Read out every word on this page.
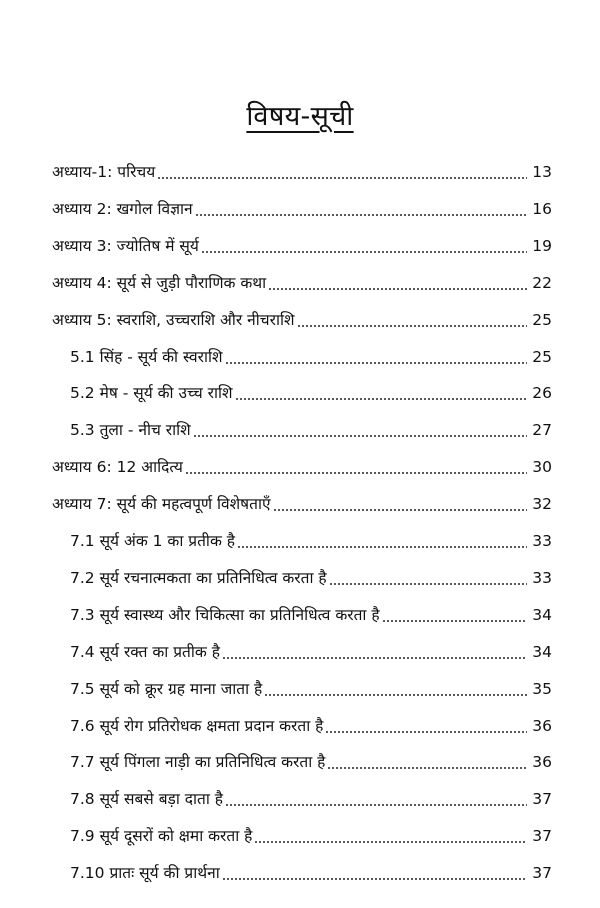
विषय-सूची
अध्याय-1: परिचय	13
अध्याय 2: खगोल विज्ञान	16
अध्याय 3: ज्योतिष में सूर्य	19
अध्याय 4: सूर्य से जुड़ी पौराणिक कथा	22
अध्याय 5: स्वराशि, उच्चराशि और नीचराशि	25
5.1 सिंह - सूर्य की स्वराशि	25
5.2 मेष - सूर्य की उच्च राशि	26
5.3 तुला - नीच राशि	27
अध्याय 6: 12 आदित्य	30
अध्याय 7: सूर्य की महत्वपूर्ण विशेषताएँ	32
7.1 सूर्य अंक 1 का प्रतीक है	33
7.2 सूर्य रचनात्मकता का प्रतिनिधित्व करता है	33
7.3 सूर्य स्वास्थ्य और चिकित्सा का प्रतिनिधित्व करता है	34
7.4 सूर्य रक्त का प्रतीक है	34
7.5 सूर्य को क्रूर ग्रह माना जाता है	35
7.6 सूर्य रोग प्रतिरोधक क्षमता प्रदान करता है	36
7.7 सूर्य पिंगला नाड़ी का प्रतिनिधित्व करता है	36
7.8 सूर्य सबसे बड़ा दाता है	37
7.9 सूर्य दूसरों को क्षमा करता है	37
7.10 प्रातः सूर्य की प्रार्थना	37
